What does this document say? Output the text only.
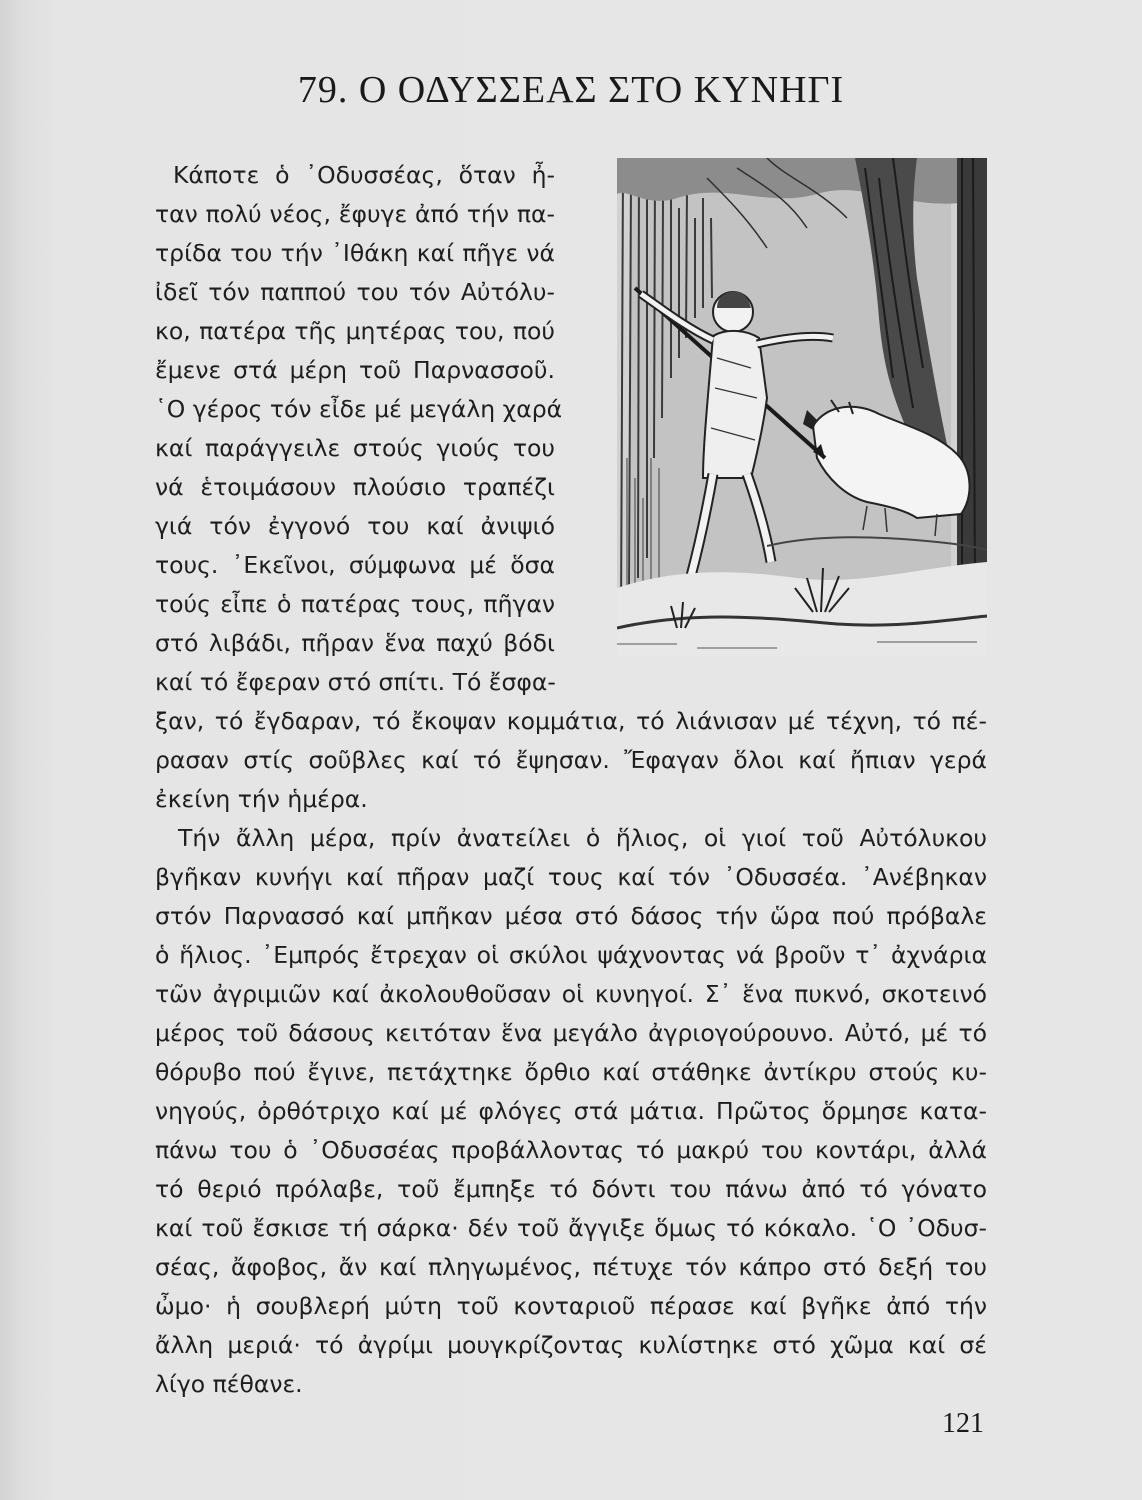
79. Ο ΟΔΥΣΣΕΑΣ ΣΤΟ ΚΥΝΗΓΙ

Κάποτε ὁ ᾿Οδυσσέας, ὅταν ἦ-

ταν πολύ νέος, ἔφυγε ἀπό τήν πα-

τρίδα του τήν ᾿Ιθάκη καί πῆγε νά

ἰδεῖ τόν παππού του τόν Αὐτόλυ-

κο, πατέρα τῆς μητέρας του, πού

ἔμενε στά μέρη τοῦ Παρνασσοῦ.

῾Ο γέρος τόν εἶδε μέ μεγάλη χαρά

καί παράγγειλε στούς γιούς του

νά ἑτοιμάσουν πλούσιο τραπέζι

γιά τόν ἐγγονό του καί ἀνιψιό

τους. ᾿Εκεῖνοι, σύμφωνα μέ ὅσα

τούς εἶπε ὁ πατέρας τους, πῆγαν

στό λιβάδι, πῆραν ἕνα παχύ βόδι

καί τό ἔφεραν στό σπίτι. Τό ἔσφα-

ξαν, τό ἔγδαραν, τό ἔκοψαν κομμάτια, τό λιάνισαν μέ τέχνη, τό πέ-

ρασαν στίς σοῦβλες καί τό ἔψησαν. Ἔφαγαν ὅλοι καί ἤπιαν γερά

ἐκείνη τήν ἡμέρα.

Τήν ἄλλη μέρα, πρίν ἀνατείλει ὁ ἥλιος, οἱ γιοί τοῦ Αὐτόλυκου

βγῆκαν κυνήγι καί πῆραν μαζί τους καί τόν ᾿Οδυσσέα. ᾿Ανέβηκαν

στόν Παρνασσό καί μπῆκαν μέσα στό δάσος τήν ὥρα πού πρόβαλε

ὁ ἥλιος. ᾿Εμπρός ἔτρεχαν οἱ σκύλοι ψάχνοντας νά βροῦν τ᾿ ἀχνάρια

τῶν ἀγριμιῶν καί ἀκολουθοῦσαν οἱ κυνηγοί. Σ᾿ ἕνα πυκνό, σκοτεινό

μέρος τοῦ δάσους κειτόταν ἕνα μεγάλο ἀγριογούρουνο. Αὐτό, μέ τό

θόρυβο πού ἔγινε, πετάχτηκε ὄρθιο καί στάθηκε ἀντίκρυ στούς κυ-

νηγούς, ὀρθότριχο καί μέ φλόγες στά μάτια. Πρῶτος ὅρμησε κατα-

πάνω του ὁ ᾿Οδυσσέας προβάλλοντας τό μακρύ του κοντάρι, ἀλλά

τό θεριό πρόλαβε, τοῦ ἔμπηξε τό δόντι του πάνω ἀπό τό γόνατο

καί τοῦ ἔσκισε τή σάρκα· δέν τοῦ ἄγγιξε ὅμως τό κόκαλο. ῾Ο ᾿Οδυσ-

σέας, ἄφοβος, ἄν καί πληγωμένος, πέτυχε τόν κάπρο στό δεξή του

ὦμο· ἡ σουβλερή μύτη τοῦ κονταριοῦ πέρασε καί βγῆκε ἀπό τήν

ἄλλη μεριά· τό ἀγρίμι μουγκρίζοντας κυλίστηκε στό χῶμα καί σέ

λίγο πέθανε.

121
